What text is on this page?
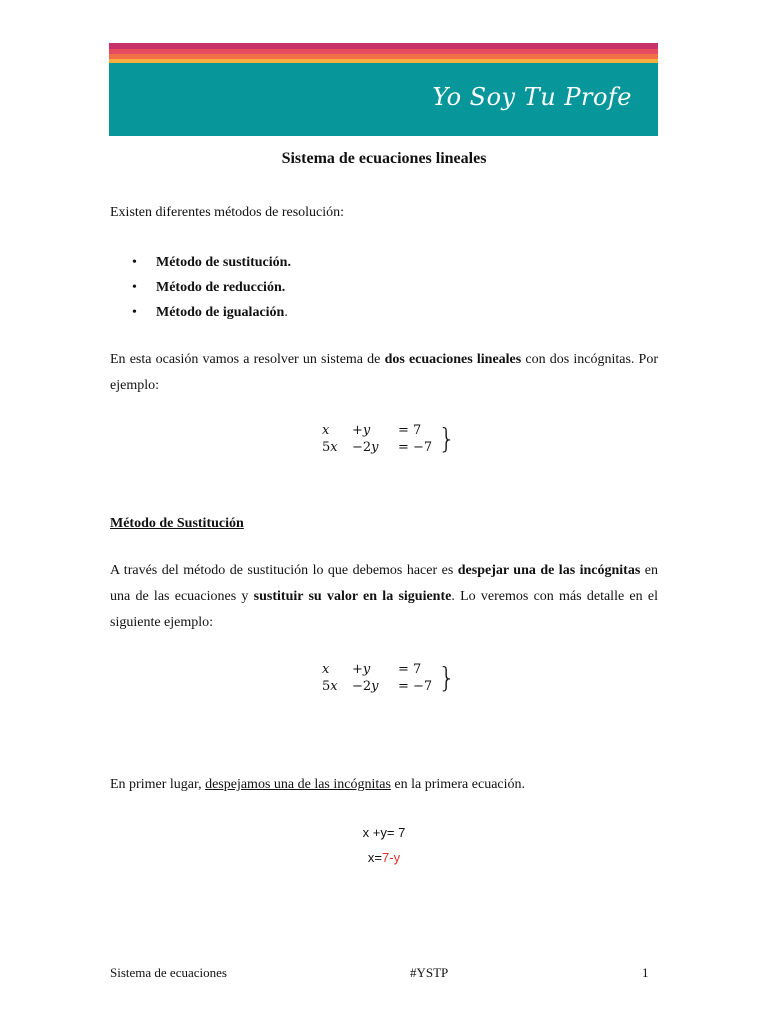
Yo Soy Tu Profe
Sistema de ecuaciones lineales
Existen diferentes métodos de resolución:
• Método de sustitución.
• Método de reducción.
• Método de igualación.
En esta ocasión vamos a resolver un sistema de dos ecuaciones lineales con dos incógnitas. Por ejemplo:
𝑥	+𝑦	= 7
5𝑥	−2𝑦	= −7 }
Método de Sustitución
A través del método de sustitución lo que debemos hacer es despejar una de las incógnitas en una de las ecuaciones y sustituir su valor en la siguiente. Lo veremos con más detalle en el siguiente ejemplo:
𝑥	+𝑦	= 7
5𝑥	−2𝑦	= −7 }
En primer lugar, despejamos una de las incógnitas en la primera ecuación.
x +y= 7
x=7-y
Sistema de ecuaciones	#YSTP	1
